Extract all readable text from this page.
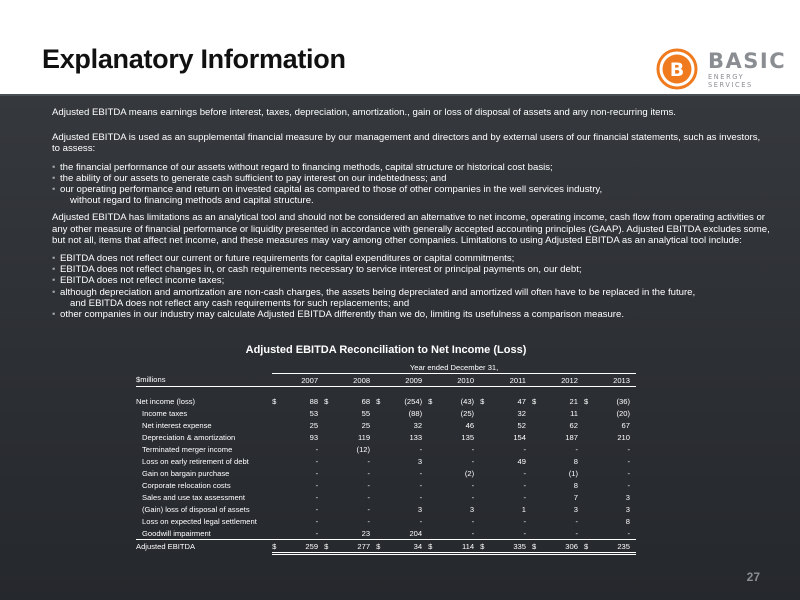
Explanatory Information	B BASIC
ENERGY SERVICES

Adjusted EBITDA means earnings before interest, taxes, depreciation, amortization., gain or loss of disposal of assets and any non-recurring items.

Adjusted EBITDA is used as an supplemental financial measure by our management and directors and by external users of our financial statements, such as investors, to assess:

• the financial performance of our assets without regard to financing methods, capital structure or historical cost basis;
• the ability of our assets to generate cash sufficient to pay interest on our indebtedness; and
• our operating performance and return on invested capital as compared to those of other companies in the well services industry,
without regard to financing methods and capital structure.

Adjusted EBITDA has limitations as an analytical tool and should not be considered an alternative to net income, operating income, cash flow from operating activities or any other measure of financial performance or liquidity presented in accordance with generally accepted accounting principles (GAAP). Adjusted EBITDA excludes some, but not all, items that affect net income, and these measures may vary among other companies. Limitations to using Adjusted EBITDA as an analytical tool include:

• EBITDA does not reflect our current or future requirements for capital expenditures or capital commitments;
• EBITDA does not reflect changes in, or cash requirements necessary to service interest or principal payments on, our debt;
• EBITDA does not reflect income taxes;
• although depreciation and amortization are non-cash charges, the assets being depreciated and amortized will often have to be replaced in the future,
and EBITDA does not reflect any cash requirements for such replacements; and
• other companies in our industry may calculate Adjusted EBITDA differently than we do, limiting its usefulness a comparison measure.
Adjusted EBITDA Reconciliation to Net Income (Loss)
	Year ended December 31,													
$millions		2007		2008		2009		2010		2011		2012		2013

Net income (loss)	$	88	$	68	$	(254)	$	(43)	$	47	$	21	$	(36)
Income taxes		53		55		(88)		(25)		32		11		(20)
Net interest expense		25		25		32		46		52		62		67
Depreciation & amortization		93		119		133		135		154		187		210
Terminated merger income		-		(12)		-		-		-		-		-
Loss on early retirement of debt		-		-		3		-		49		8		-
Gain on bargain purchase		-		-		-		(2)		-		(1)		-
Corporate relocation costs		-		-		-		-		-		8		-
Sales and use tax assessment		-		-		-		-		-		7		3
(Gain) loss of disposal of assets		-		-		3		3		1		3		3
Loss on expected legal settlement		-		-		-		-		-		-		8
Goodwill impairment		-		23		204		-		-		-		-
Adjusted EBITDA	$	259	$	277	$	34	$	114	$	335	$	306	$	235
27
